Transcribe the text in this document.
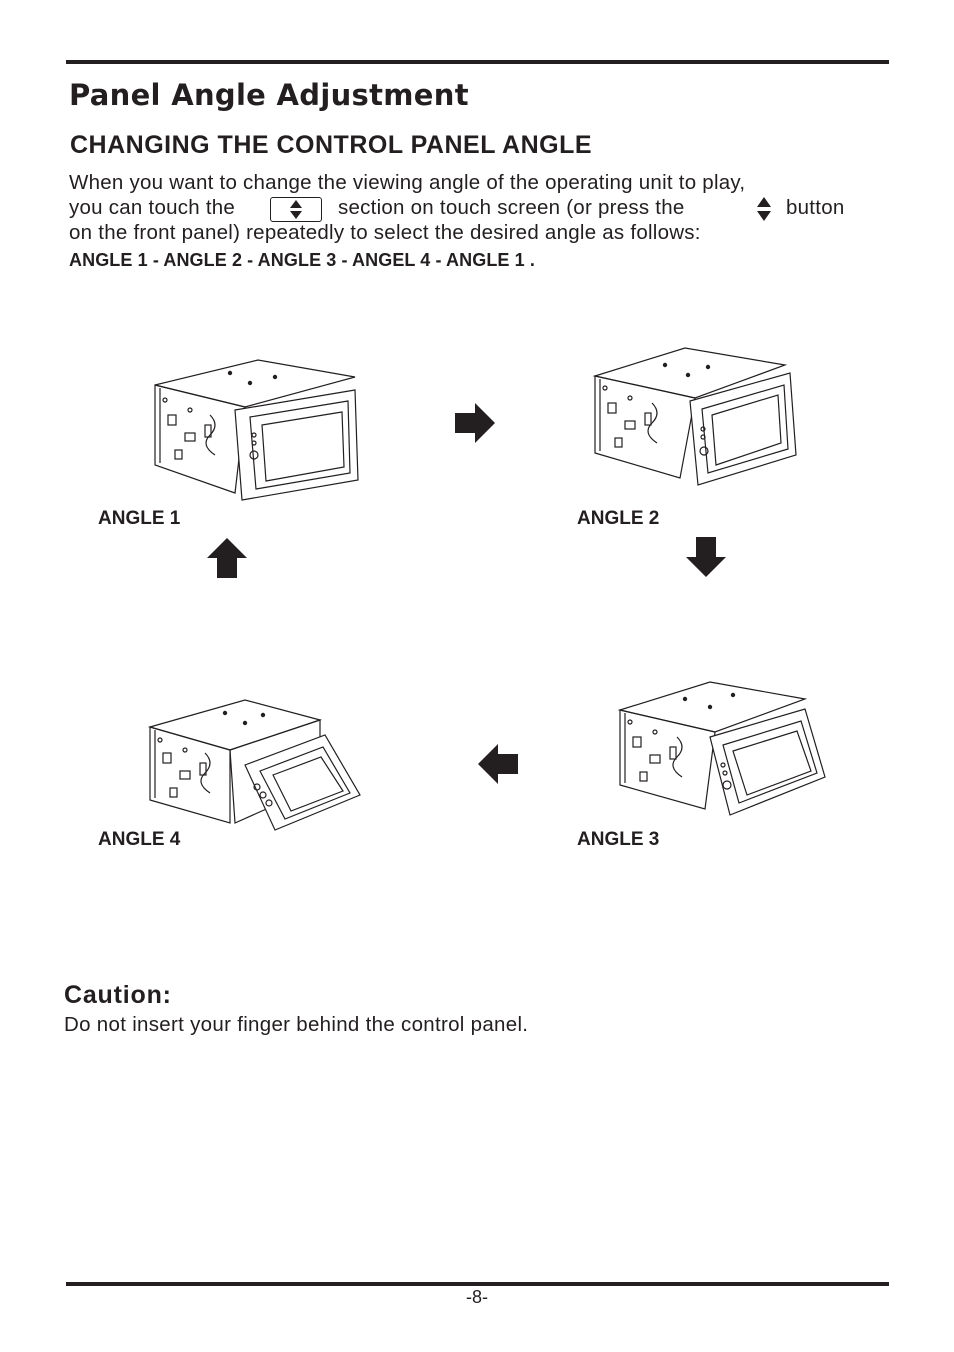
Panel Angle Adjustment
CHANGING THE CONTROL PANEL ANGLE
When you want to change the viewing angle of the operating unit to play,
you can touch the	section on touch screen (or press the	button
on the front panel) repeatedly to select the desired angle as follows:
ANGLE 1 - ANGLE 2 - ANGLE 3 - ANGEL 4 - ANGLE 1 .
ANGLE 1	ANGLE 2
ANGLE 4	ANGLE 3
Caution:
Do not insert your finger behind the control panel.
-8-
